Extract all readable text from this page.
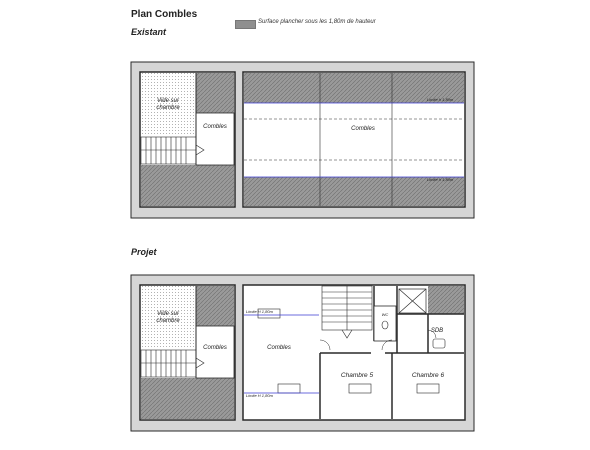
Plan Combles
Existant
Surface plancher sous les 1,80m de hauteur
Projet
Vide sur
chambre
Combles
Limite h 1,80m
Limite h 1,80m
Combles
Vide sur
chambre
Combles
Limite H 1,80m
Limite H 1,80m
WC
SDB
Combles
Chambre 5	Chambre 6
